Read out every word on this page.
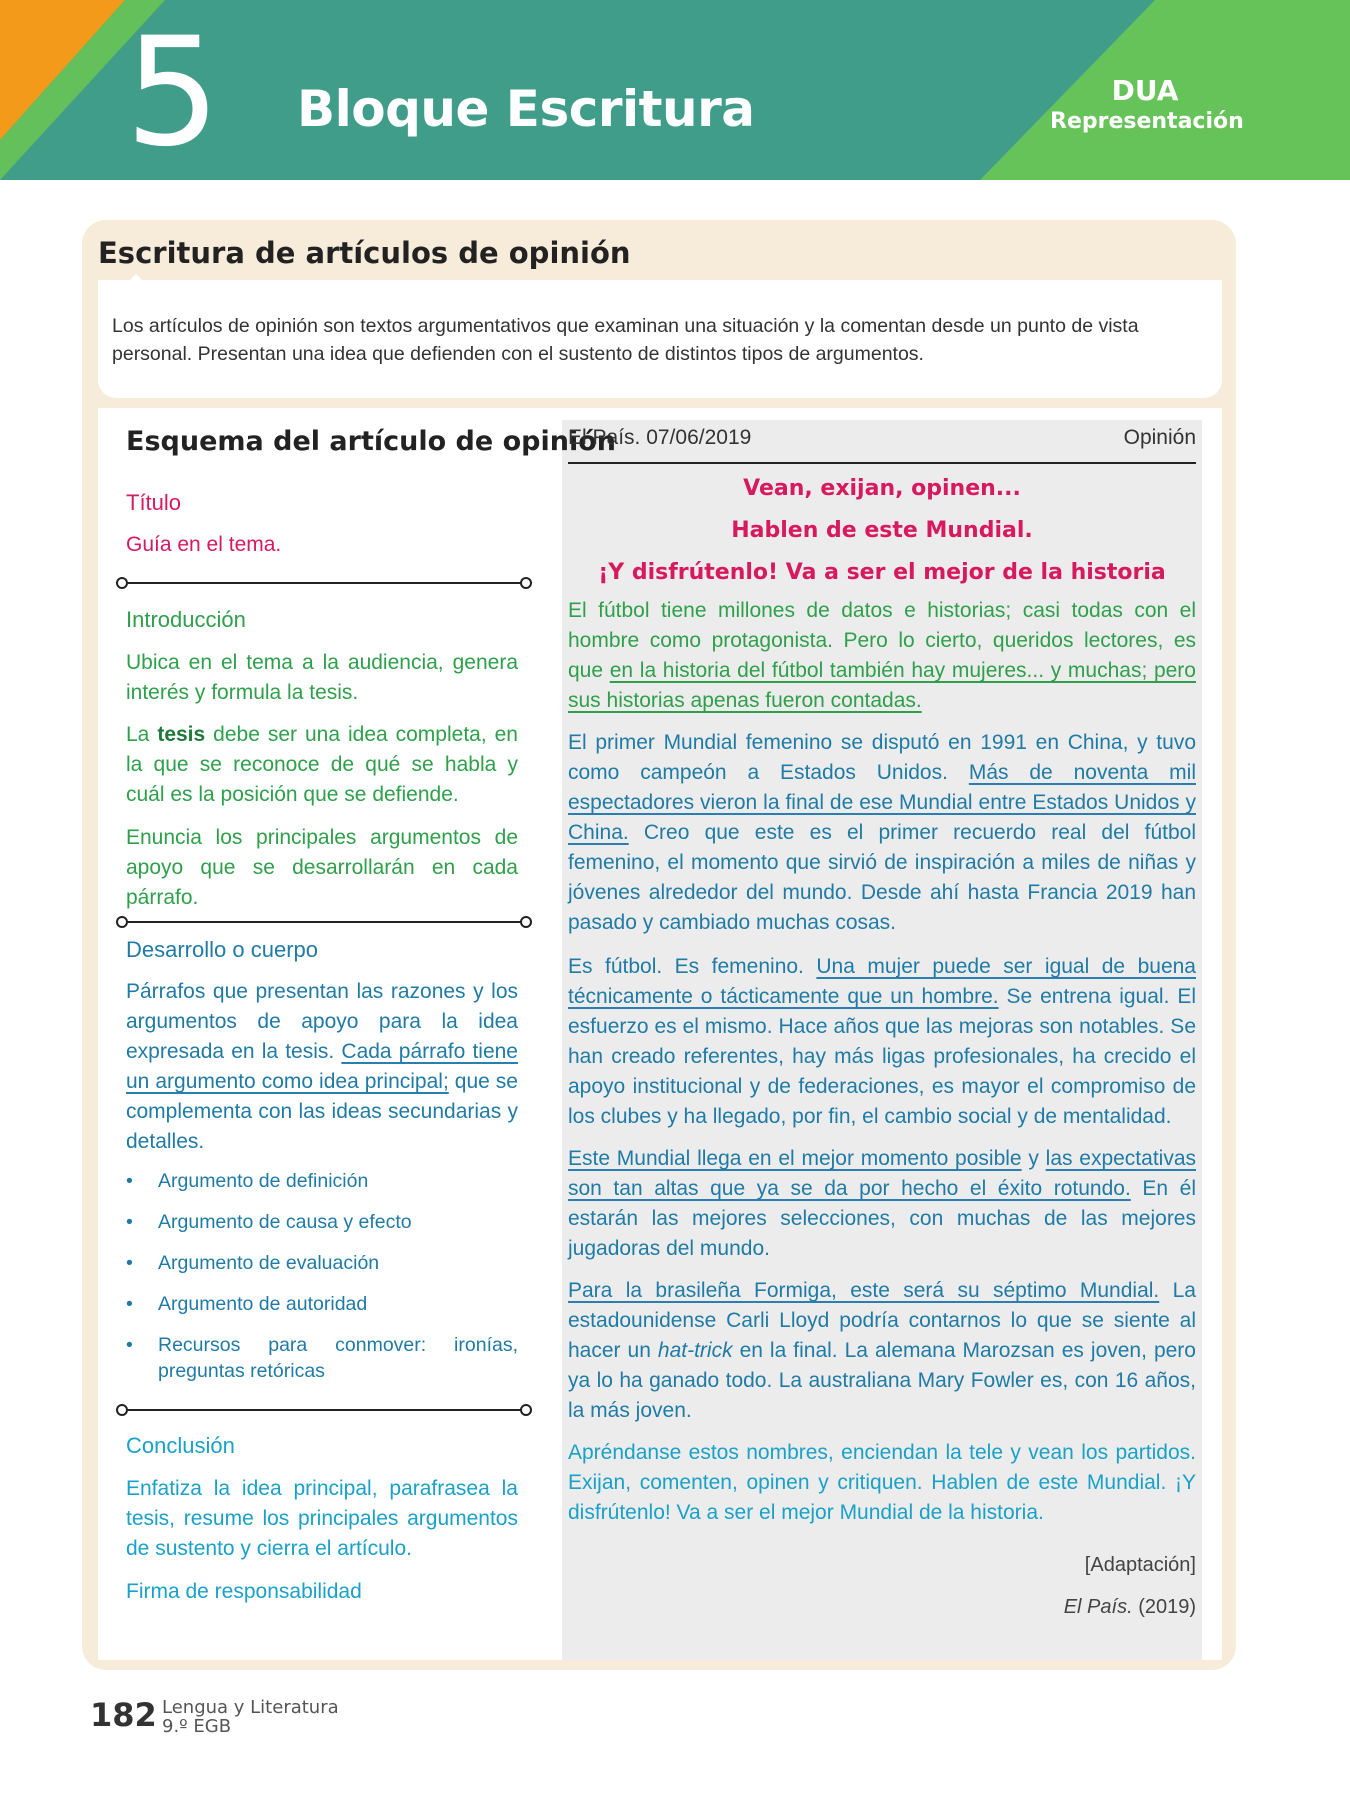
5 Bloque Escritura	DUA
Representación
Escritura de artículos de opinión
Los artículos de opinión son textos argumentativos que examinan una situación y la comentan desde un punto de vista personal. Presentan una idea que defienden con el sustento de distintos tipos de argumentos.
Esquema del artículo de opinión
Título
Guía en el tema.
Introducción
Ubica en el tema a la audiencia, genera interés y formula la tesis.
La tesis debe ser una idea completa, en la que se reconoce de qué se habla y cuál es la posición que se defiende.
Enuncia los principales argumentos de apoyo que se desarrollarán en cada párrafo.
Desarrollo o cuerpo
Párrafos que presentan las razones y los argumentos de apoyo para la idea expresada en la tesis. Cada párrafo tiene un argumento como idea principal; que se complementa con las ideas secundarias y detalles.
• Argumento de definición
• Argumento de causa y efecto
• Argumento de evaluación
• Argumento de autoridad
• Recursos para conmover: ironías, preguntas retóricas
Conclusión
Enfatiza la idea principal, parafrasea la tesis, resume los principales argumentos de sustento y cierra el artículo.
Firma de responsabilidad
El País. 07/06/2019	Opinión
Vean, exijan, opinen...
Hablen de este Mundial.
¡Y disfrútenlo! Va a ser el mejor de la historia
El fútbol tiene millones de datos e historias; casi todas con el hombre como protagonista. Pero lo cierto, queridos lectores, es que en la historia del fútbol también hay mujeres... y muchas; pero sus historias apenas fueron contadas.
El primer Mundial femenino se disputó en 1991 en China, y tuvo como campeón a Estados Unidos. Más de noventa mil espectadores vieron la final de ese Mundial entre Estados Unidos y China. Creo que este es el primer recuerdo real del fútbol femenino, el momento que sirvió de inspiración a miles de niñas y jóvenes alrededor del mundo. Desde ahí hasta Francia 2019 han pasado y cambiado muchas cosas.
Es fútbol. Es femenino. Una mujer puede ser igual de buena técnicamente o tácticamente que un hombre. Se entrena igual. El esfuerzo es el mismo. Hace años que las mejoras son notables. Se han creado referentes, hay más ligas profesionales, ha crecido el apoyo institucional y de federaciones, es mayor el compromiso de los clubes y ha llegado, por fin, el cambio social y de mentalidad.
Este Mundial llega en el mejor momento posible y las expectativas son tan altas que ya se da por hecho el éxito rotundo. En él estarán las mejores selecciones, con muchas de las mejores jugadoras del mundo.
Para la brasileña Formiga, este será su séptimo Mundial. La estadounidense Carli Lloyd podría contarnos lo que se siente al hacer un hat-trick en la final. La alemana Marozsan es joven, pero ya lo ha ganado todo. La australiana Mary Fowler es, con 16 años, la más joven.
Apréndanse estos nombres, enciendan la tele y vean los partidos. Exijan, comenten, opinen y critiquen. Hablen de este Mundial. ¡Y disfrútenlo! Va a ser el mejor Mundial de la historia.
[Adaptación]
El País. (2019)
182 Lengua y Literatura
9.º EGB
